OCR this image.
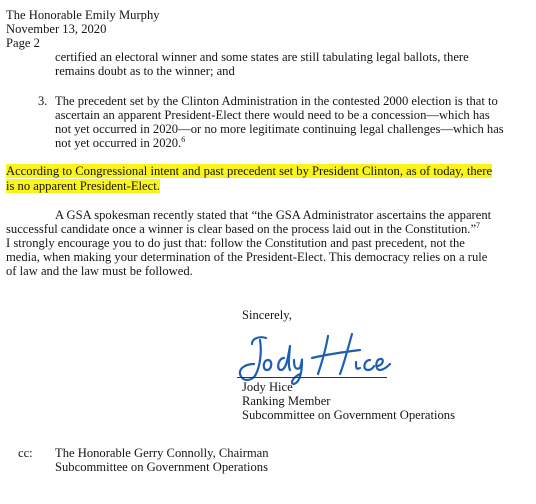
The Honorable Emily Murphy
November 13, 2020
Page 2
certified an electoral winner and some states are still tabulating legal ballots, there
remains doubt as to the winner; and
3. The precedent set by the Clinton Administration in the contested 2000 election is that to
ascertain an apparent President-Elect there would need to be a concession—which has
not yet occurred in 2020—or no more legitimate continuing legal challenges—which has
not yet occurred in 2020.$^6$
According to Congressional intent and past precedent set by President Clinton, as of today, there
is no apparent President-Elect.
A GSA spokesman recently stated that “the GSA Administrator ascertains the apparent
successful candidate once a winner is clear based on the process laid out in the Constitution.”$^7$
I strongly encourage you to do just that: follow the Constitution and past precedent, not the
media, when making your determination of the President-Elect. This democracy relies on a rule
of law and the law must be followed.
Sincerely,
Jody Hice
Ranking Member
Subcommittee on Government Operations
cc: The Honorable Gerry Connolly, Chairman
Subcommittee on Government Operations
